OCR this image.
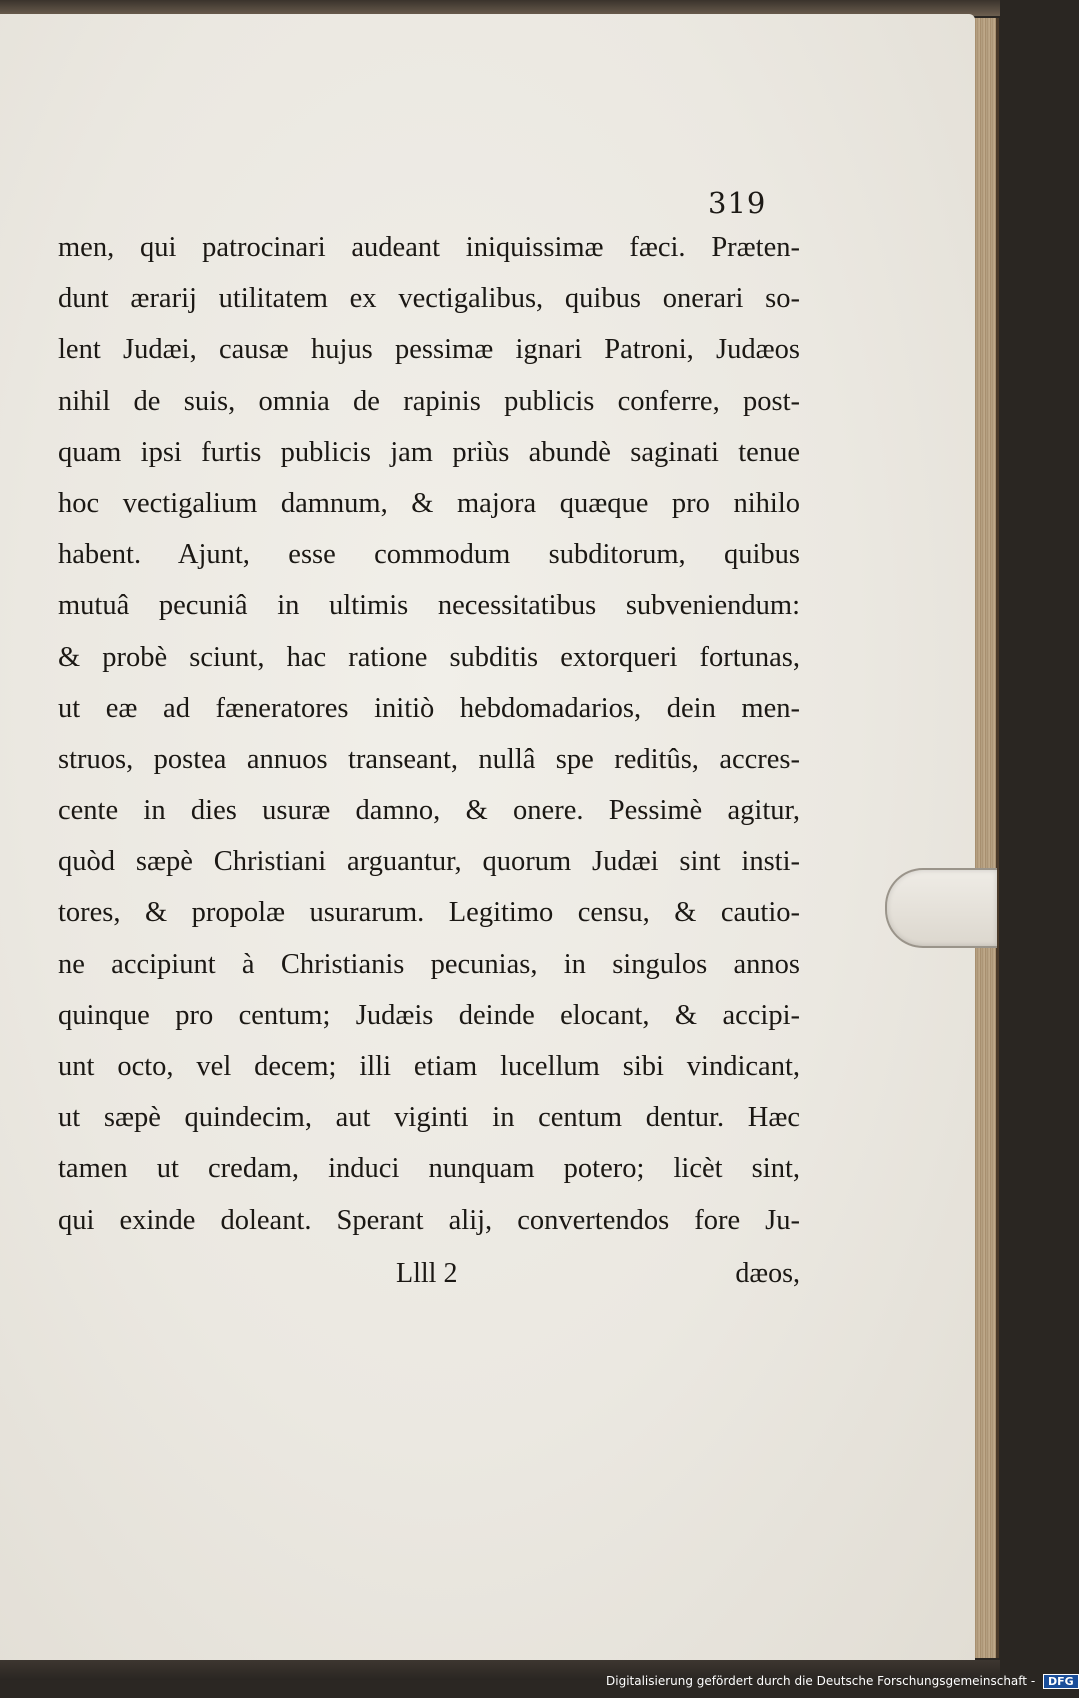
319
men, qui patrocinari audeant iniquissimæ fæci. Præten-
dunt ærarij utilitatem ex vectigalibus, quibus onerari so-
lent Judæi, causæ hujus pessimæ ignari Patroni, Judæos
nihil de suis, omnia de rapinis publicis conferre, post-
quam ipsi furtis publicis jam priùs abundè saginati tenue
hoc vectigalium damnum, & majora quæque pro nihilo
habent. Ajunt, esse commodum subditorum, quibus
mutuâ pecuniâ in ultimis necessitatibus subveniendum:
& probè sciunt, hac ratione subditis extorqueri fortunas,
ut eæ ad fæneratores initiò hebdomadarios, dein men-
struos, postea annuos transeant, nullâ spe reditûs, accres-
cente in dies usuræ damno, & onere. Pessimè agitur,
quòd sæpè Christiani arguantur, quorum Judæi sint insti-
tores, & propolæ usurarum. Legitimo censu, & cautio-
ne accipiunt à Christianis pecunias, in singulos annos
quinque pro centum; Judæis deinde elocant, & accipi-
unt octo, vel decem; illi etiam lucellum sibi vindicant,
ut sæpè quindecim, aut viginti in centum dentur. Hæc
tamen ut credam, induci nunquam potero; licèt sint,
qui exinde doleant. Sperant alij, convertendos fore Ju-
Llll 2	dæos,
Digitalisierung gefördert durch die Deutsche Forschungsgemeinschaft - DFG
